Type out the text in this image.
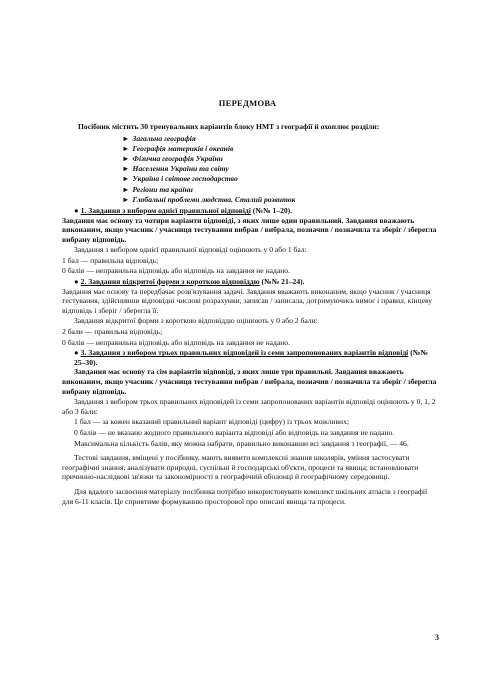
ПЕРЕДМОВА

Посібник містить 30 тренувальних варіантів блоку НМТ з географії й охоплює розділи:

► Загальна географія
► Географія материків і океанів
► Фізична географія України
► Населення України та світу
► Україна і світове господарство
► Регіони та країни
► Глобальні проблеми людства. Сталий розвиток

● 1. Завдання з вибором однієї правильної відповіді (№№ 1–20).

Завдання має основу та чотири варіанти відповіді, з яких лише один правильний. Завдання вважають виконаним, якщо учасник / учасниця тестування вибрав / вибрала, позначив / позначила та зберіг / зберегла вибрану відповідь.

Завдання з вибором однієї правильної відповіді оцінюють у 0 або 1 бал:

1 бал — правильна відповідь;

0 балів — неправильна відповідь або відповідь на завдання не надано.

● 2. Завдання відкритої форми з короткою відповіддю (№№ 21–24).

Завдання має основу та передбачає розв'язування задачі. Завдання вважають виконаним, якщо учасник / учасниця тестування, здійснивши відповідні числові розрахунки, записав / записала, дотримуючись вимог і правил, кінцеву відповідь і зберіг / зберегла її.

Завдання відкритої форми з короткою відповіддю оцінюють у 0 або 2 бали:

2 бали — правильна відповідь;

0 балів — неправильна відповідь або відповідь на завдання не надано.

● 3. Завдання з вибором трьох правильних відповідей із семи запропонованих варіантів відповіді (№№ 25–30).

Завдання має основу та сім варіантів відповіді, з яких лише три правильні. Завдання вважають виконаним, якщо учасник / учасниця тестування вибрав / вибрала, позначив / позначила та зберіг / зберегла вибрану відповідь.

Завдання з вибором трьох правильних відповідей із семи запропонованих варіантів відповіді оцінюють у 0, 1, 2 або 3 бали:

1 бал — за кожен вказаний правильний варіант відповіді (цифру) із трьох можливих;

0 балів — не вказано жодного правильного варіанта відповіді або відповідь на завдання не надано.

Максимальна кількість балів, яку можна набрати, правильно виконавши всі завдання з географії, — 46.

Тестові завдання, вміщені у посібнику, мають виявити комплексні знання школярів, уміння застосувати географічні знання, аналізувати природні, суспільні й господарські об'єкти, процеси та явища; встановлювати причинно-наслідкові зв'язки та закономірності в географічній оболонці й географічному середовищі.

Для вдалого засвоєння матеріалу посібника потрібно використовувати комплект шкільних атласів з географії для 6-11 класів. Це сприятиме формуванню просторової про описані явища та процеси.

3
